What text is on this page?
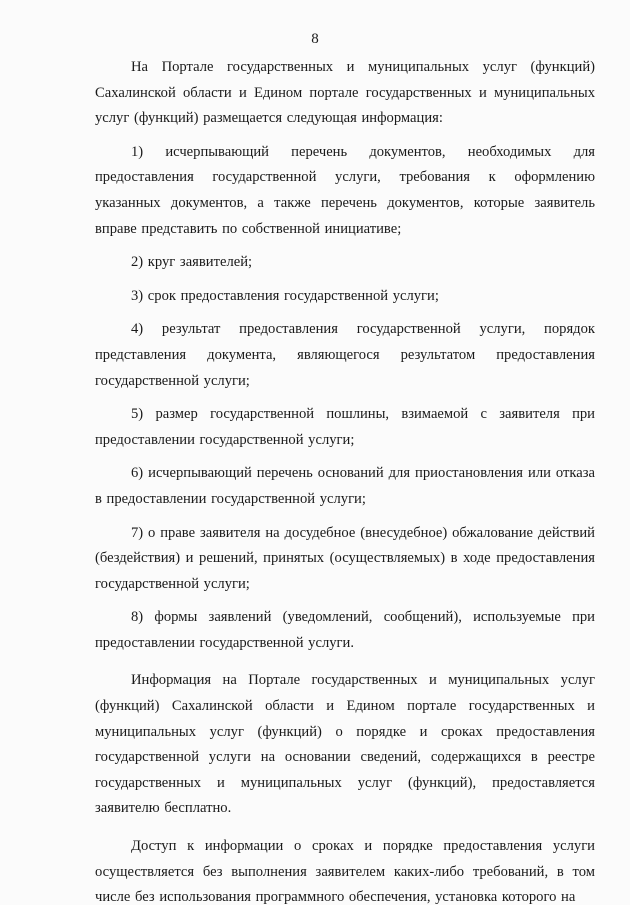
8

На Портале государственных и муниципальных услуг (функций) Сахалинской области и Едином портале государственных и муниципальных услуг (функций) размещается следующая информация:

1) исчерпывающий перечень документов, необходимых для предоставления государственной услуги, требования к оформлению указанных документов, а также перечень документов, которые заявитель вправе представить по собственной инициативе;

2) круг заявителей;

3) срок предоставления государственной услуги;

4) результат предоставления государственной услуги, порядок представления документа, являющегося результатом предоставления государственной услуги;

5) размер государственной пошлины, взимаемой с заявителя при предоставлении государственной услуги;

6) исчерпывающий перечень оснований для приостановления или отказа в предоставлении государственной услуги;

7) о праве заявителя на досудебное (внесудебное) обжалование действий (бездействия) и решений, принятых (осуществляемых) в ходе предоставления государственной услуги;

8) формы заявлений (уведомлений, сообщений), используемые при предоставлении государственной услуги.

Информация на Портале государственных и муниципальных услуг (функций) Сахалинской области и Едином портале государственных и муниципальных услуг (функций) о порядке и сроках предоставления государственной услуги на основании сведений, содержащихся в реестре государственных и муниципальных услуг (функций), предоставляется заявителю бесплатно.

Доступ к информации о сроках и порядке предоставления услуги осуществляется без выполнения заявителем каких-либо требований, в том числе без использования программного обеспечения, установка которого на
